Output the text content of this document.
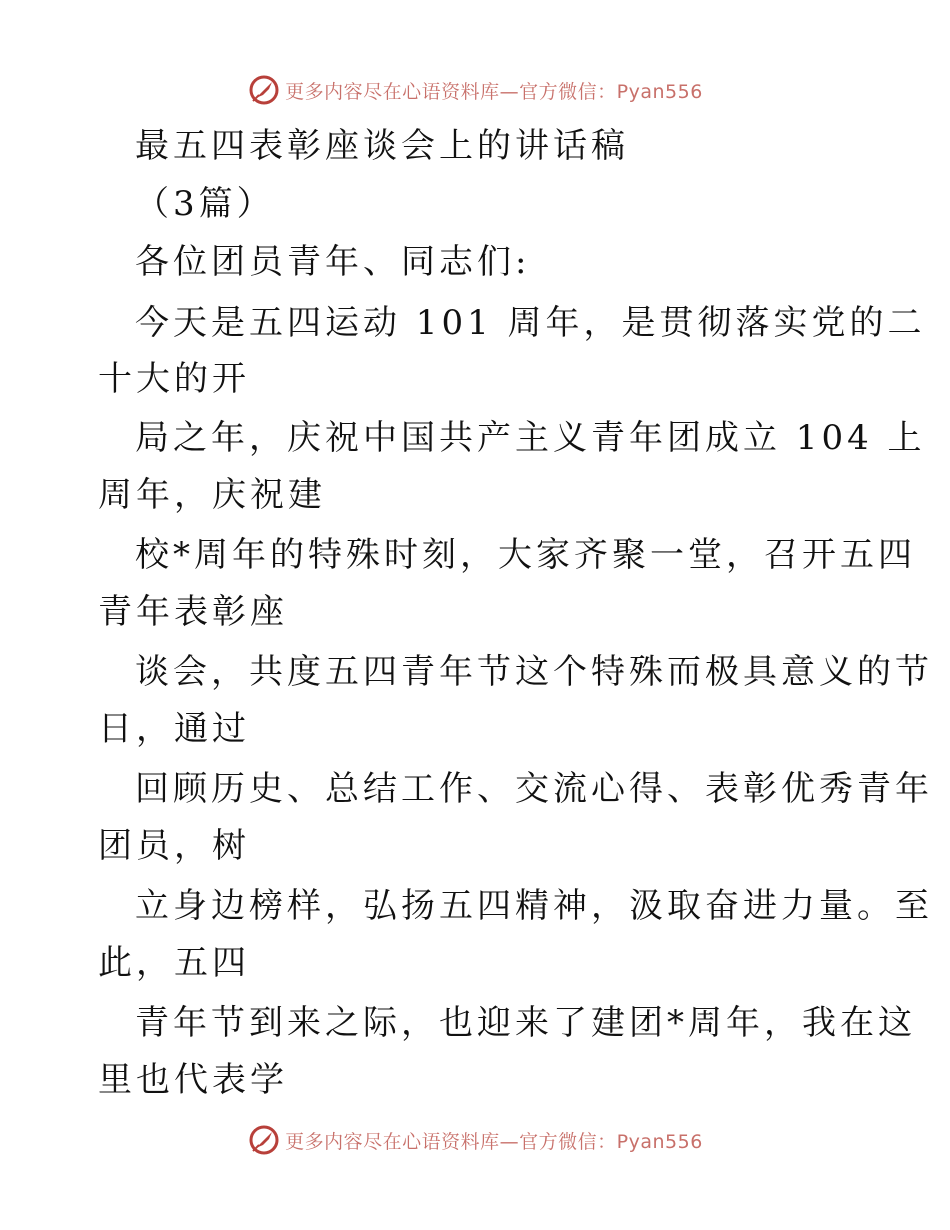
更多内容尽在心语资料库—官方微信：Pyan556
最五四表彰座谈会上的讲话稿
（3篇）
各位团员青年、同志们:
今天是五四运动 101 周年，是贯彻落实党的二
十大的开
局之年，庆祝中国共产主义青年团成立 104 上
周年，庆祝建
校*周年的特殊时刻，大家齐聚一堂，召开五四
青年表彰座
谈会，共度五四青年节这个特殊而极具意义的节
日，通过
回顾历史、总结工作、交流心得、表彰优秀青年
团员，树
立身边榜样，弘扬五四精神，汲取奋进力量。至
此，五四
青年节到来之际，也迎来了建团*周年，我在这
里也代表学
更多内容尽在心语资料库—官方微信：Pyan556
